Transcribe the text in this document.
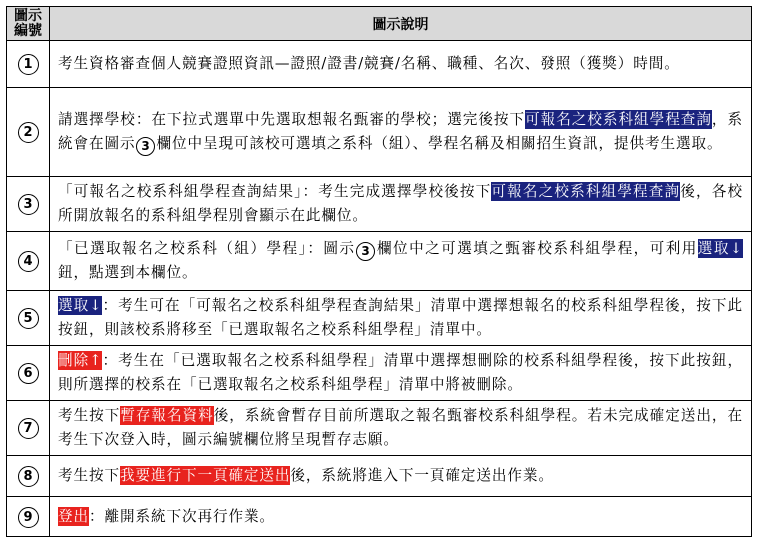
圖示
編號	圖示說明
1	考生資格審查個人競賽證照資訊—證照/證書/競賽/名稱、職種、名次、發照（獲獎）時間。
2	請選擇學校：在下拉式選單中先選取想報名甄審的學校；選完後按下可報名之校系科組學程查詢，系統會在圖示 3 欄位中呈現可該校可選填之系科（組）、學程名稱及相關招生資訊，提供考生選取。
3	「可報名之校系科組學程查詢結果」：考生完成選擇學校後按下可報名之校系科組學程查詢後，各校所開放報名的系科組學程別會顯示在此欄位。
4	「已選取報名之校系科（組）學程」：圖示 3 欄位中之可選填之甄審校系科組學程，可利用選取↓鈕，點選到本欄位。
5	選取↓：考生可在「可報名之校系科組學程查詢結果」清單中選擇想報名的校系科組學程後，按下此按鈕，則該校系將移至「已選取報名之校系科組學程」清單中。
6	刪除↑：考生在「已選取報名之校系科組學程」清單中選擇想刪除的校系科組學程後，按下此按鈕，則所選擇的校系在「已選取報名之校系科組學程」清單中將被刪除。
7	考生按下暫存報名資料後，系統會暫存目前所選取之報名甄審校系科組學程。若未完成確定送出，在考生下次登入時，圖示編號欄位將呈現暫存志願。
8	考生按下我要進行下一頁確定送出後，系統將進入下一頁確定送出作業。
9	登出：離開系統下次再行作業。
